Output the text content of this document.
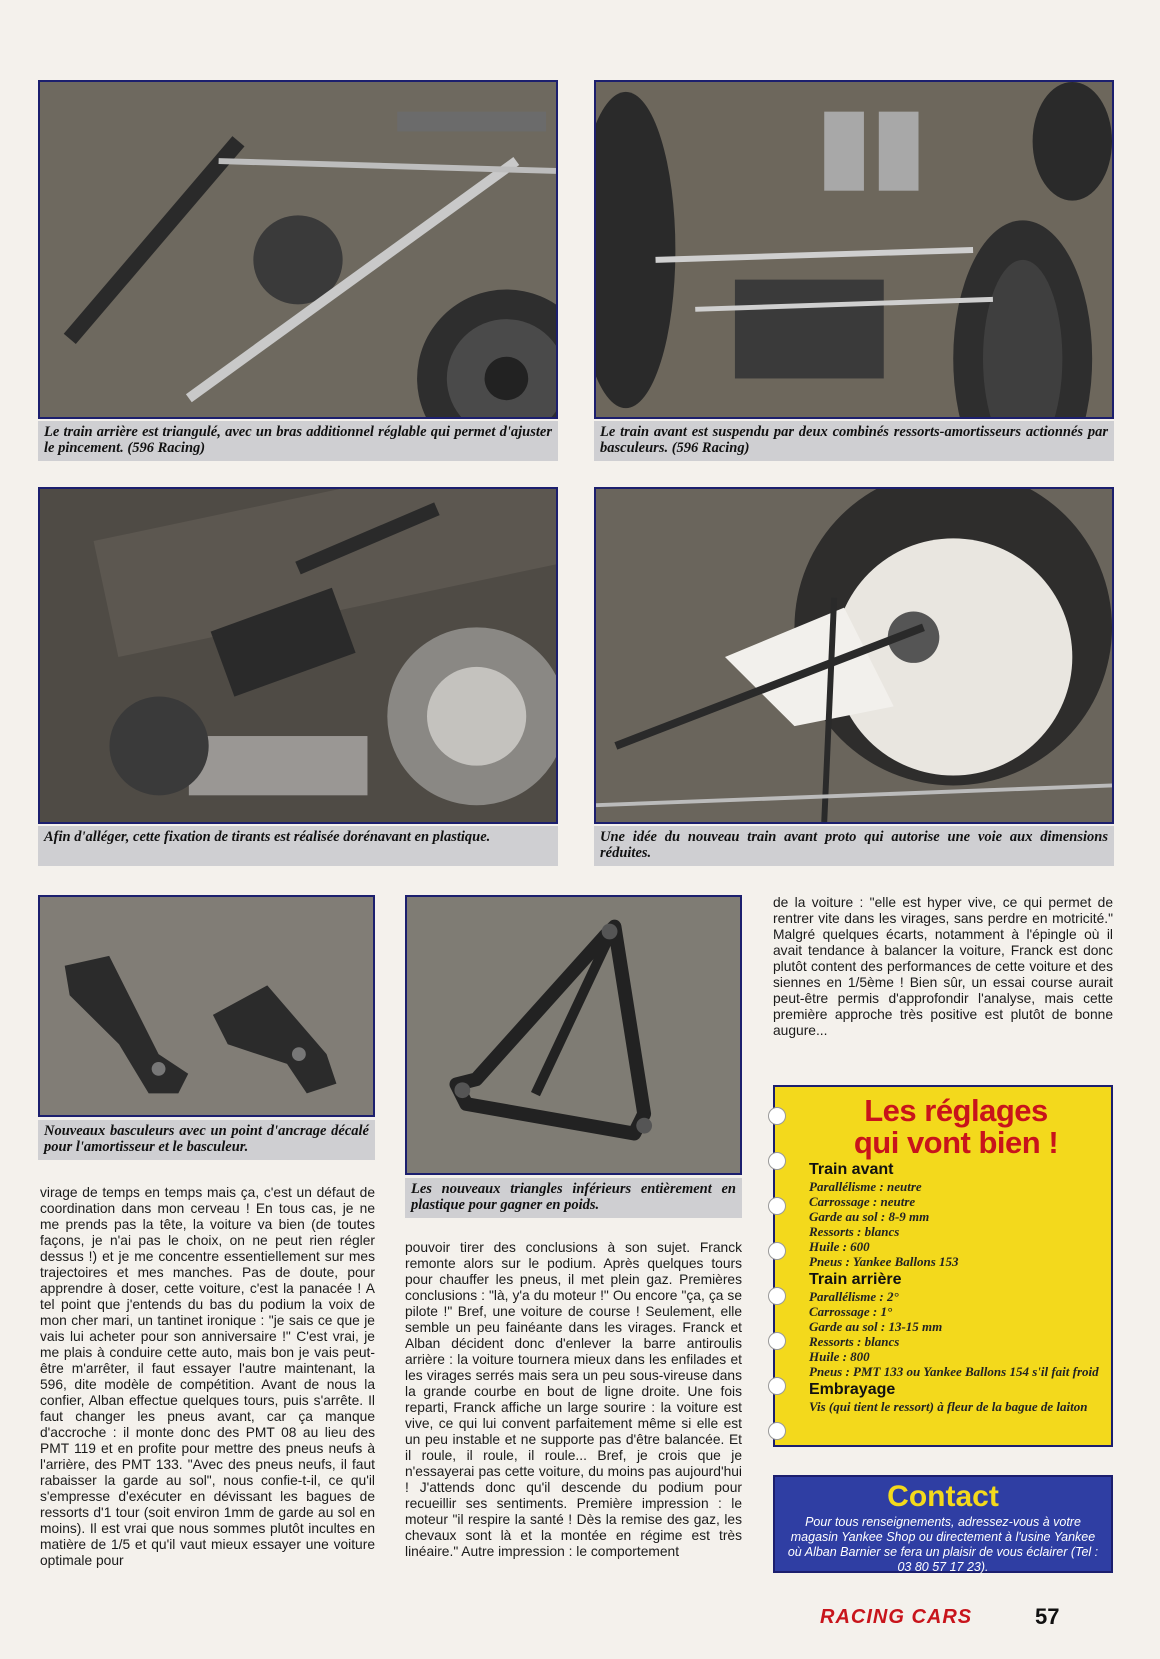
Le train arrière est triangulé, avec un bras additionnel réglable qui permet d'ajuster le pincement. (596 Racing)
Le train avant est suspendu par deux combinés ressorts-amortisseurs actionnés par basculeurs. (596 Racing)
Afin d'alléger, cette fixation de tirants est réalisée dorénavant en plastique.	Une idée du nouveau train avant proto qui autorise une voie aux dimensions réduites.
Nouveaux basculeurs avec un point d'ancrage décalé pour l'amortisseur et le basculeur.
Les nouveaux triangles inférieurs entièrement en plastique pour gagner en poids.

virage de temps en temps mais ça, c'est un défaut de coordination dans mon cerveau ! En tous cas, je ne me prends pas la tête, la voiture va bien (de toutes façons, je n'ai pas le choix, on ne peut rien régler dessus !) et je me concentre essentiellement sur mes trajectoires et mes manches. Pas de doute, pour apprendre à doser, cette voiture, c'est la panacée ! A tel point que j'entends du bas du podium la voix de mon cher mari, un tantinet ironique : "je sais ce que je vais lui acheter pour son anniversaire !" C'est vrai, je me plais à conduire cette auto, mais bon je vais peut-être m'arrêter, il faut essayer l'autre maintenant, la 596, dite modèle de compétition. Avant de nous la confier, Alban effectue quelques tours, puis s'arrête. Il faut changer les pneus avant, car ça manque d'accroche : il monte donc des PMT 08 au lieu des PMT 119 et en profite pour mettre des pneus neufs à l'arrière, des PMT 133. "Avec des pneus neufs, il faut rabaisser la garde au sol", nous confie-t-il, ce qu'il s'empresse d'exécuter en dévissant les bagues de ressorts d'1 tour (soit environ 1mm de garde au sol en moins). Il est vrai que nous sommes plutôt incultes en matière de 1/5 et qu'il vaut mieux essayer une voiture optimale pour

pouvoir tirer des conclusions à son sujet. Franck remonte alors sur le podium. Après quelques tours pour chauffer les pneus, il met plein gaz. Premières conclusions : "là, y'a du moteur !" Ou encore "ça, ça se pilote !" Bref, une voiture de course ! Seulement, elle semble un peu fainéante dans les virages. Franck et Alban décident donc d'enlever la barre antiroulis arrière : la voiture tournera mieux dans les enfilades et les virages serrés mais sera un peu sous-vireuse dans la grande courbe en bout de ligne droite. Une fois reparti, Franck affiche un large sourire : la voiture est vive, ce qui lui convent parfaitement même si elle est un peu instable et ne supporte pas d'être balancée. Et il roule, il roule, il roule... Bref, je crois que je n'essayerai pas cette voiture, du moins pas aujourd'hui ! J'attends donc qu'il descende du podium pour recueillir ses sentiments. Première impression : le moteur "il respire la santé ! Dès la remise des gaz, les chevaux sont là et la montée en régime est très linéaire." Autre impression : le comportement

de la voiture : "elle est hyper vive, ce qui permet de rentrer vite dans les virages, sans perdre en motricité." Malgré quelques écarts, notamment à l'épingle où il avait tendance à balancer la voiture, Franck est donc plutôt content des performances de cette voiture et des siennes en 1/5ème ! Bien sûr, un essai course aurait peut-être permis d'approfondir l'analyse, mais cette première approche très positive est plutôt de bonne augure...

Les réglages
qui vont bien !
Train avant
Parallélisme : neutre
Carrossage : neutre
Garde au sol : 8-9 mm
Ressorts : blancs
Huile : 600
Pneus : Yankee Ballons 153
Train arrière
Parallélisme : 2°
Carrossage : 1°
Garde au sol : 13-15 mm
Ressorts : blancs
Huile : 800
Pneus : PMT 133 ou Yankee Ballons 154 s'il fait froid
Embrayage
Vis (qui tient le ressort) à fleur de la bague de laiton
Contact
Pour tous renseignements, adressez-vous à votre magasin Yankee Shop ou directement à l'usine Yankee où Alban Barnier se fera un plaisir de vous éclairer (Tel : 03 80 57 17 23).
RACING CARS	57
